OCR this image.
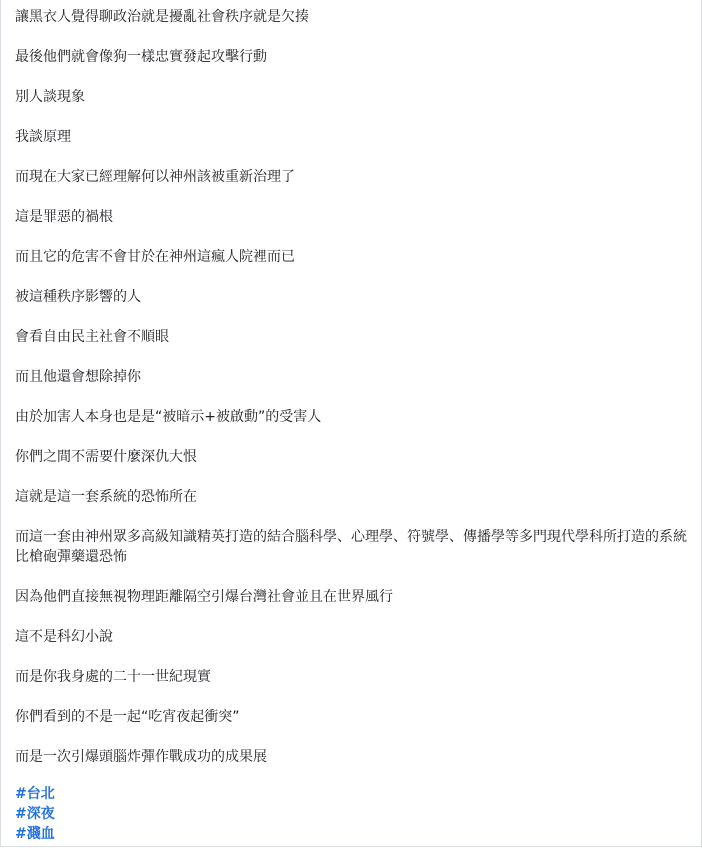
讓黑衣人覺得聊政治就是擾亂社會秩序就是欠揍

最後他們就會像狗一樣忠實發起攻擊行動

別人談現象

我談原理

而現在大家已經理解何以神州該被重新治理了

這是罪惡的禍根

而且它的危害不會甘於在神州這瘋人院裡而已

被這種秩序影響的人

會看自由民主社會不順眼

而且他還會想除掉你

由於加害人本身也是是“被暗示+被啟動”的受害人

你們之間不需要什麼深仇大恨

這就是這一套系統的恐怖所在

而這一套由神州眾多高級知識精英打造的結合腦科學、心理學、符號學、傳播學等多門現代學科所打造的系統比槍砲彈藥還恐怖

因為他們直接無視物理距離隔空引爆台灣社會並且在世界風行

這不是科幻小說

而是你我身處的二十一世紀現實

你們看到的不是一起“吃宵夜起衝突”

而是一次引爆頭腦炸彈作戰成功的成果展

#台北
#深夜
#濺血
